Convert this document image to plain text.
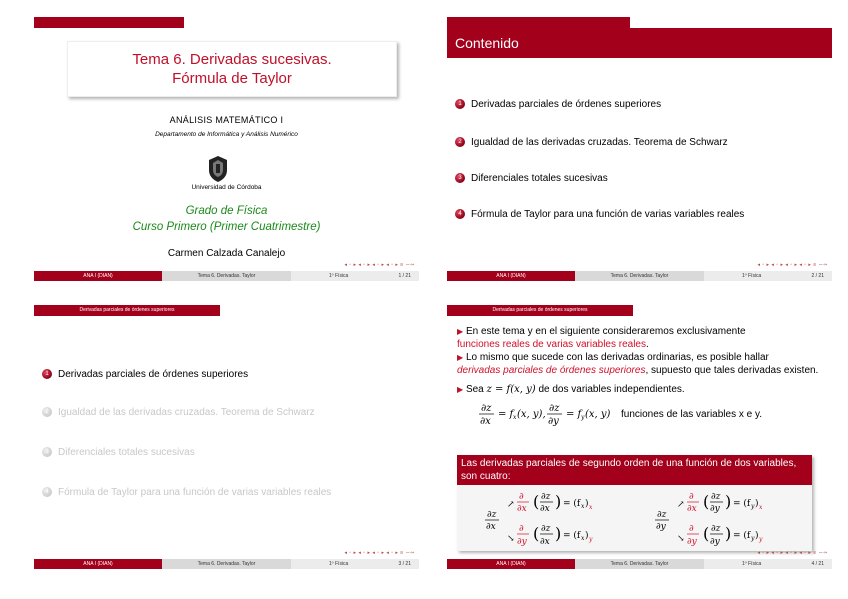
Tema 6. Derivadas sucesivas.
Fórmula de Taylor
ANÁLISIS MATEMÁTICO I
Departamento de Informática y Análisis Numérico
Universidad de Córdoba
Grado de Física
Curso Primero (Primer Cuatrimestre)
Carmen Calzada Canalejo
◂ ▫ ▸ ◂ ▫ ▸ ◂ ▫ ▸ ◂ ▫ ▸ ≡ ∽∾
ANA I (DIAN)	Tema 6. Derivadas. Taylor	1º Física	1 / 21
Contenido
1 Derivadas parciales de órdenes superiores
2 Igualdad de las derivadas cruzadas. Teorema de Schwarz
3 Diferenciales totales sucesivas
4 Fórmula de Taylor para una función de varias variables reales
◂ ▫ ▸ ◂ ▫ ▸ ◂ ▫ ▸ ◂ ▫ ▸ ≡ ∽∾
ANA I (DIAN)	Tema 6. Derivadas. Taylor	1º Física	2 / 21
Derivadas parciales de órdenes superiores
1 Derivadas parciales de órdenes superiores
2 Igualdad de las derivadas cruzadas. Teorema de Schwarz
3 Diferenciales totales sucesivas
4 Fórmula de Taylor para una función de varias variables reales
◂ ▫ ▸ ◂ ▫ ▸ ◂ ▫ ▸ ◂ ▫ ▸ ≡ ∽∾
ANA I (DIAN)	Tema 6. Derivadas. Taylor	1º Física	3 / 21
Derivadas parciales de órdenes superiores
▶ En este tema y en el siguiente consideraremos exclusivamente
funciones reales de varias variables reales.
▶ Lo mismo que sucede con las derivadas ordinarias, es posible hallar
derivadas parciales de órdenes superiores, supuesto que tales derivadas existen.
▶ Sea z = f(x, y) de dos variables independientes.
∂z
∂x
= f x (x, y),
∂z
∂y
= f y (x, y) funciones de las variables x e y.
Las derivadas parciales de segundo orden de una función de dos variables, son cuatro:
∂z
∂x
↗
∂
∂x ( ∂z
∂x ) = (f x ) x
↘
∂
∂y ( ∂z
∂x ) = (f x ) y
∂z
∂y
↗
∂
∂x ( ∂z
∂y ) = (f y ) x
↘
∂
∂y ( ∂z
∂y ) = (f y ) y
◂ ▫ ▸ ◂ ▫ ▸ ◂ ▫ ▸ ◂ ▫ ▸ ≡ ∽∾
ANA I (DIAN)	Tema 6. Derivadas. Taylor	1º Física	4 / 21
